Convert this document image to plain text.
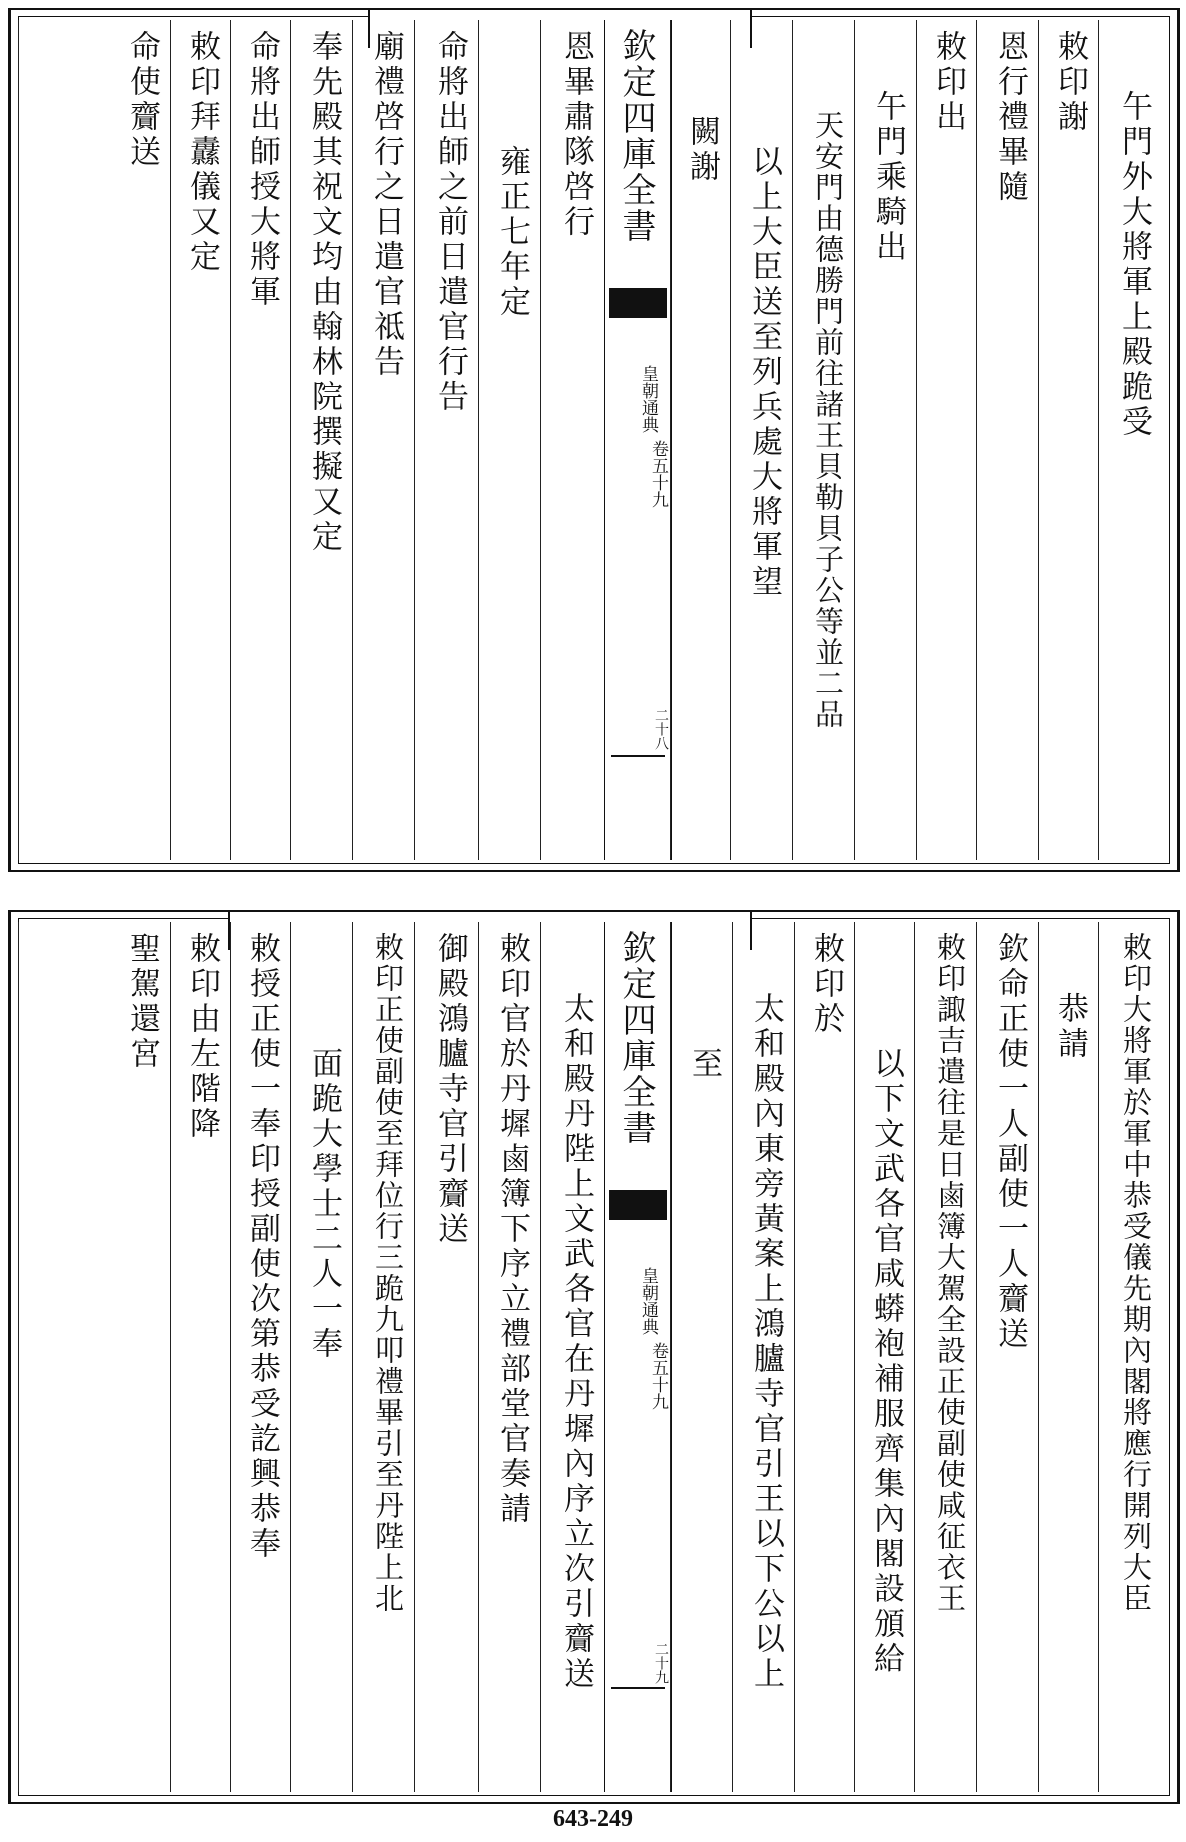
午門外大將軍上殿跪受
敕印謝
恩行禮畢隨
敕印出
午門乘騎出
天安門由德勝門前往諸王貝勒貝子公等並二品
以上大臣送至列兵處大將軍望
闕謝
欽定四庫全書
皇朝通典
卷五十九
二十八
恩畢肅隊啓行
雍正七年定
命將出師之前日遣官行告
廟禮啓行之日遣官祗告
奉先殿其祝文均由翰林院撰擬又定
命將出師授大將軍
敕印拜纛儀又定
命使齎送
敕印大將軍於軍中恭受儀先期內閣將應行開列大臣
恭請
欽命正使一人副使一人齎送
敕印諏吉遣往是日鹵簿大駕全設正使副使咸征衣王
以下文武各官咸蟒袍補服齊集內閣設頒給
敕印於
太和殿內東旁黃案上鴻臚寺官引王以下公以上
至
欽定四庫全書
皇朝通典
卷五十九
二十九
太和殿丹陛上文武各官在丹墀內序立次引齎送
敕印官於丹墀鹵簿下序立禮部堂官奏請
御殿鴻臚寺官引齎送
敕印正使副使至拜位行三跪九叩禮畢引至丹陛上北
面跪大學士二人一奉
敕授正使一奉印授副使次第恭受訖興恭奉
敕印由左階降
聖駕還宮
643-249
